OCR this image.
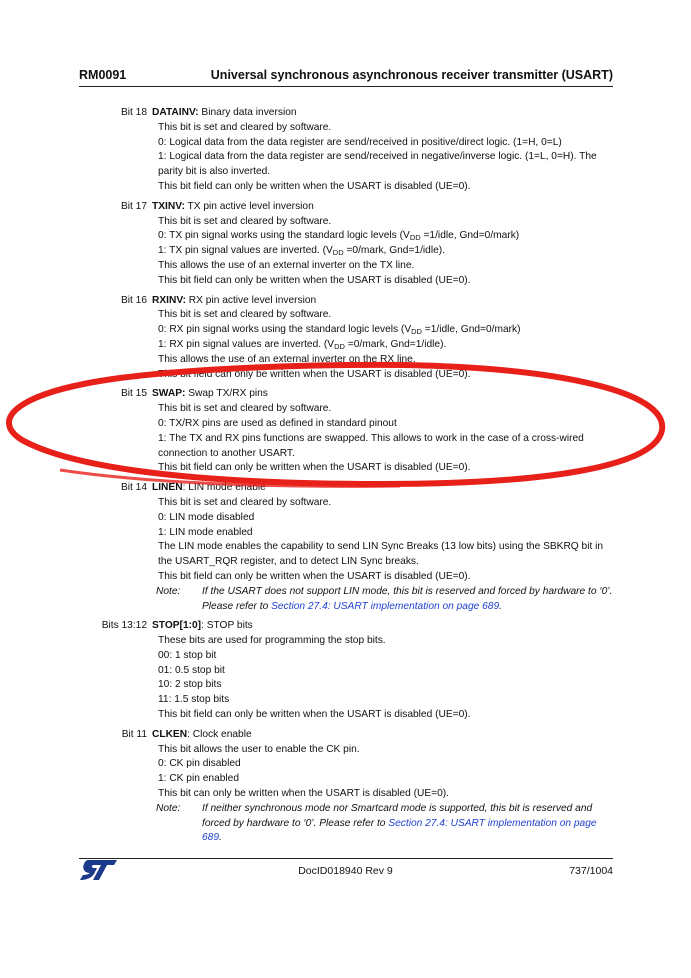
RM0091	Universal synchronous asynchronous receiver transmitter (USART)
Bit 18 DATAINV: Binary data inversion
This bit is set and cleared by software.
0: Logical data from the data register are send/received in positive/direct logic. (1=H, 0=L)
1: Logical data from the data register are send/received in negative/inverse logic. (1=L, 0=H). The parity bit is also inverted.
This bit field can only be written when the USART is disabled (UE=0).
Bit 17 TXINV: TX pin active level inversion
This bit is set and cleared by software.
0: TX pin signal works using the standard logic levels ($V_{DD}$ =1/idle, Gnd=0/mark)
1: TX pin signal values are inverted. ($V_{DD}$ =0/mark, Gnd=1/idle).
This allows the use of an external inverter on the TX line.
This bit field can only be written when the USART is disabled (UE=0).
Bit 16 RXINV: RX pin active level inversion
This bit is set and cleared by software.
0: RX pin signal works using the standard logic levels ($V_{DD}$ =1/idle, Gnd=0/mark)
1: RX pin signal values are inverted. ($V_{DD}$ =0/mark, Gnd=1/idle).
This allows the use of an external inverter on the RX line.
This bit field can only be written when the USART is disabled (UE=0).
Bit 15 SWAP: Swap TX/RX pins
This bit is set and cleared by software.
0: TX/RX pins are used as defined in standard pinout
1: The TX and RX pins functions are swapped. This allows to work in the case of a cross-wired connection to another USART.
This bit field can only be written when the USART is disabled (UE=0).
Bit 14 LINEN: LIN mode enable
This bit is set and cleared by software.
0: LIN mode disabled
1: LIN mode enabled
The LIN mode enables the capability to send LIN Sync Breaks (13 low bits) using the SBKRQ bit in the USART_RQR register, and to detect LIN Sync breaks.
This bit field can only be written when the USART is disabled (UE=0).
Note: If the USART does not support LIN mode, this bit is reserved and forced by hardware to ‘0’. Please refer to Section 27.4: USART implementation on page 689.
Bits 13:12 STOP[1:0]: STOP bits
These bits are used for programming the stop bits.
00: 1 stop bit
01: 0.5 stop bit
10: 2 stop bits
11: 1.5 stop bits
This bit field can only be written when the USART is disabled (UE=0).
Bit 11 CLKEN: Clock enable
This bit allows the user to enable the CK pin.
0: CK pin disabled
1: CK pin enabled
This bit can only be written when the USART is disabled (UE=0).
Note: If neither synchronous mode nor Smartcard mode is supported, this bit is reserved and forced by hardware to ‘0’. Please refer to Section 27.4: USART implementation on page 689.
DocID018940 Rev 9	737/1004
